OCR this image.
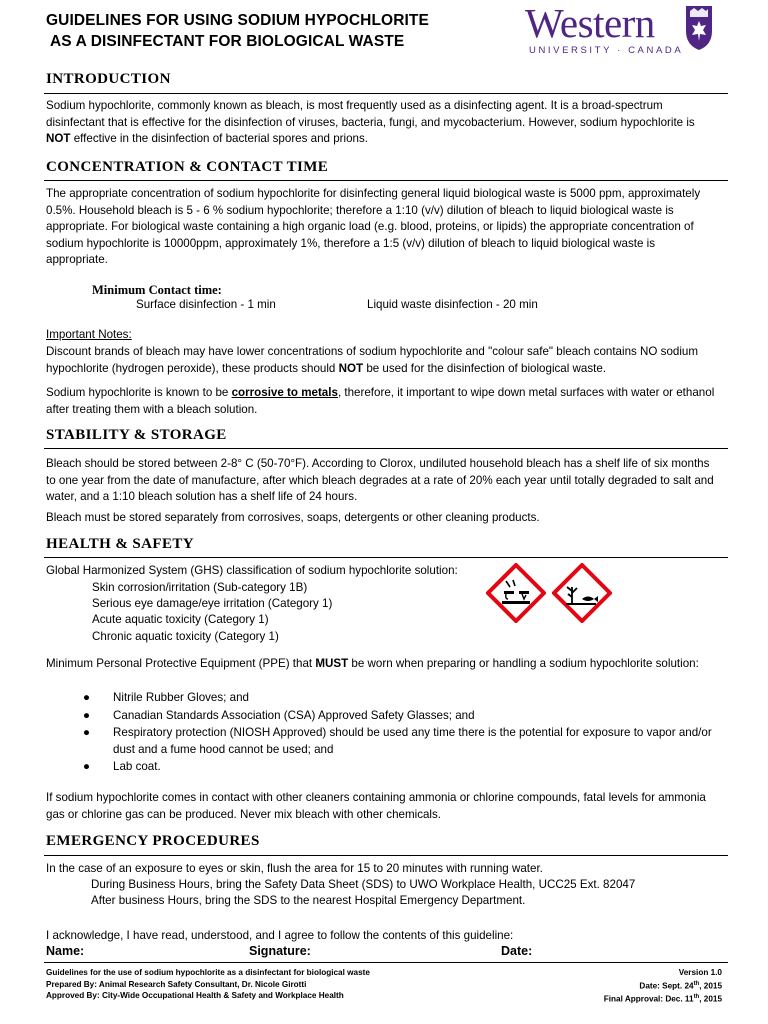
GUIDELINES FOR USING SODIUM HYPOCHLORITE
AS A DISINFECTANT FOR BIOLOGICAL WASTE	Western
UNIVERSITY · CANADA
INTRODUCTION
Sodium hypochlorite, commonly known as bleach, is most frequently used as a disinfecting agent. It is a broad-spectrum disinfectant that is effective for the disinfection of viruses, bacteria, fungi, and mycobacterium. However, sodium hypochlorite is NOT effective in the disinfection of bacterial spores and prions.
CONCENTRATION & CONTACT TIME
The appropriate concentration of sodium hypochlorite for disinfecting general liquid biological waste is 5000 ppm, approximately 0.5%. Household bleach is 5 - 6 % sodium hypochlorite; therefore a 1:10 (v/v) dilution of bleach to liquid biological waste is appropriate. For biological waste containing a high organic load (e.g. blood, proteins, or lipids) the appropriate concentration of sodium hypochlorite is 10000ppm, approximately 1%, therefore a 1:5 (v/v) dilution of bleach to liquid biological waste is appropriate.
Minimum Contact time:
Surface disinfection - 1 min	Liquid waste disinfection - 20 min
Important Notes:
Discount brands of bleach may have lower concentrations of sodium hypochlorite and "colour safe" bleach contains NO sodium hypochlorite (hydrogen peroxide), these products should NOT be used for the disinfection of biological waste.
Sodium hypochlorite is known to be corrosive to metals, therefore, it important to wipe down metal surfaces with water or ethanol after treating them with a bleach solution.
STABILITY & STORAGE
Bleach should be stored between 2-8° C (50-70°F). According to Clorox, undiluted household bleach has a shelf life of six months to one year from the date of manufacture, after which bleach degrades at a rate of 20% each year until totally degraded to salt and water, and a 1:10 bleach solution has a shelf life of 24 hours.
Bleach must be stored separately from corrosives, soaps, detergents or other cleaning products.
HEALTH & SAFETY
Global Harmonized System (GHS) classification of sodium hypochlorite solution:
Skin corrosion/irritation (Sub-category 1B)
Serious eye damage/eye irritation (Category 1)
Acute aquatic toxicity (Category 1)
Chronic aquatic toxicity (Category 1)
Minimum Personal Protective Equipment (PPE) that MUST be worn when preparing or handling a sodium hypochlorite solution:
● Nitrile Rubber Gloves; and
● Canadian Standards Association (CSA) Approved Safety Glasses; and
● Respiratory protection (NIOSH Approved) should be used any time there is the potential for exposure to vapor and/or dust and a fume hood cannot be used; and
● Lab coat.
If sodium hypochlorite comes in contact with other cleaners containing ammonia or chlorine compounds, fatal levels for ammonia gas or chlorine gas can be produced. Never mix bleach with other chemicals.
EMERGENCY PROCEDURES
In the case of an exposure to eyes or skin, flush the area for 15 to 20 minutes with running water.
During Business Hours, bring the Safety Data Sheet (SDS) to UWO Workplace Health, UCC25 Ext. 82047
After business Hours, bring the SDS to the nearest Hospital Emergency Department.
I acknowledge, I have read, understood, and I agree to follow the contents of this guideline:
Name:	Signature:	Date:
Guidelines for the use of sodium hypochlorite as a disinfectant for biological waste
Prepared By: Animal Research Safety Consultant, Dr. Nicole Girotti
Approved By: City-Wide Occupational Health & Safety and Workplace Health
Version 1.0
Date: Sept. 24th, 2015
Final Approval: Dec. 11th, 2015
